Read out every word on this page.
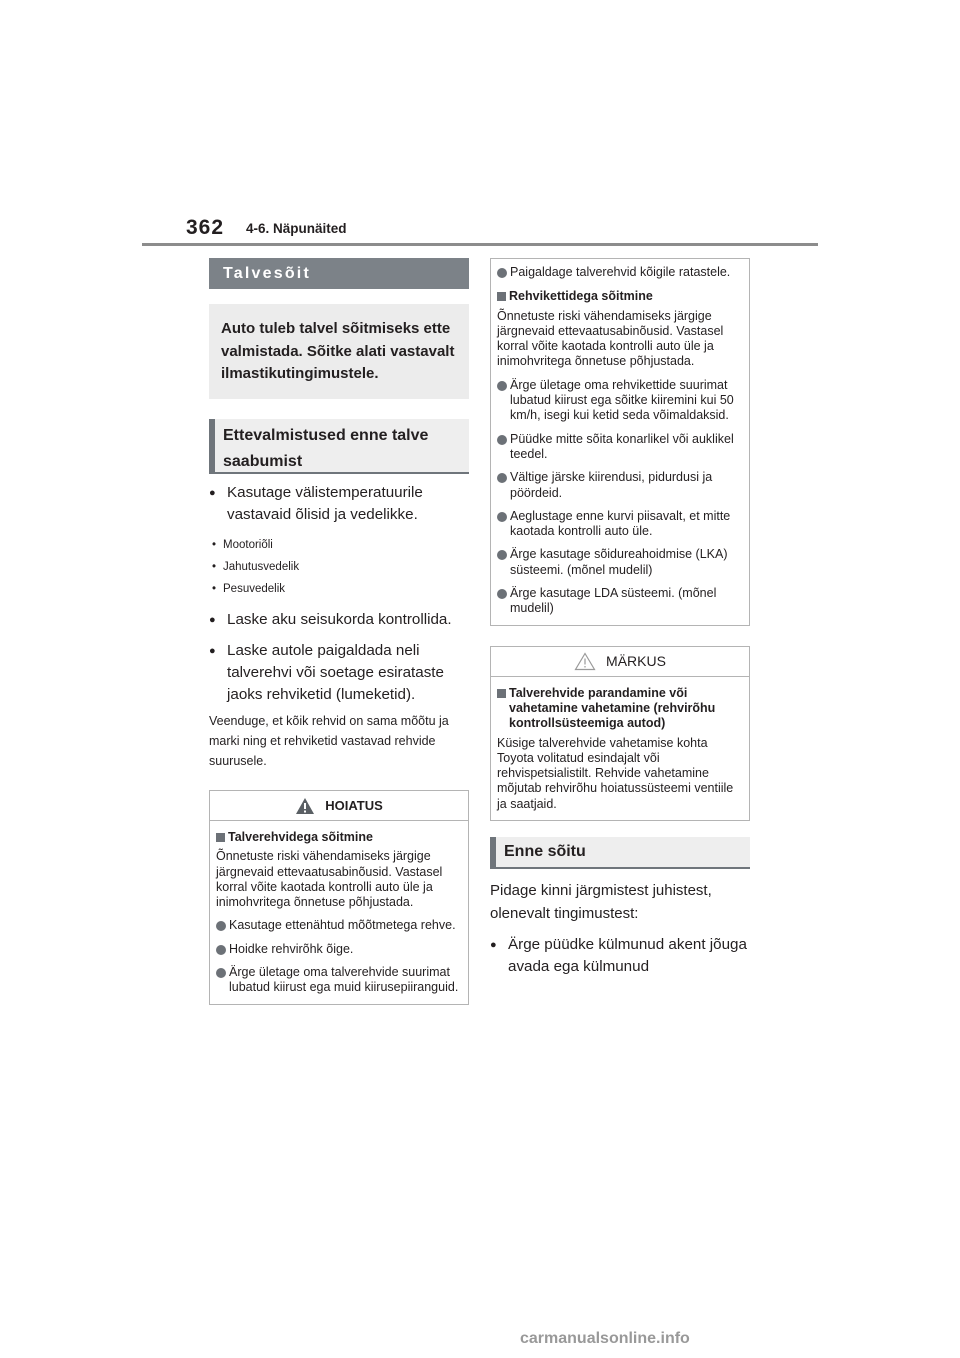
362 4-6. Näpunäited
Talvesõit
Auto tuleb talvel sõitmiseks ette valmistada. Sõitke alati vastavalt ilmastikutingimustele.
Ettevalmistused enne talve saabumist
● Kasutage välistemperatuurile vastavaid õlisid ja vedelikke.
• Mootoriõli
• Jahutusvedelik
• Pesuvedelik
● Laske aku seisukorda kontrollida.
● Laske autole paigaldada neli talverehvi või soetage esirataste jaoks rehviketid (lumeketid).
Veenduge, et kõik rehvid on sama mõõtu ja marki ning et rehviketid vastavad rehvide suurusele.
HOIATUS
Talverehvidega sõitmine
Õnnetuste riski vähendamiseks järgige järgnevaid ettevaatusabinõusid. Vastasel korral võite kaotada kontrolli auto üle ja inimohvritega õnnetuse põhjustada.
Kasutage ettenähtud mõõtmetega rehve.
Hoidke rehvirõhk õige.
Ärge ületage oma talverehvide suurimat lubatud kiirust ega muid kiirusepiiranguid.
Paigaldage talverehvid kõigile ratastele.
Rehvikettidega sõitmine
Õnnetuste riski vähendamiseks järgige järgnevaid ettevaatusabinõusid. Vastasel korral võite kaotada kontrolli auto üle ja inimohvritega õnnetuse põhjustada.
Ärge ületage oma rehvikettide suurimat lubatud kiirust ega sõitke kiiremini kui 50 km/h, isegi kui ketid seda võimaldaksid.
Püüdke mitte sõita konarlikel või auklikel teedel.
Vältige järske kiirendusi, pidurdusi ja pöördeid.
Aeglustage enne kurvi piisavalt, et mitte kaotada kontrolli auto üle.
Ärge kasutage sõidureahoidmise (LKA) süsteemi. (mõnel mudelil)
Ärge kasutage LDA süsteemi. (mõnel mudelil)
MÄRKUS
Talverehvide parandamine või vahetamine vahetamine (rehvirõhu kontrollsüsteemiga autod)
Küsige talverehvide vahetamise kohta Toyota volitatud esindajalt või rehvispetsialistilt. Rehvide vahetamine mõjutab rehvirõhu hoiatussüsteemi ventiile ja saatjaid.
Enne sõitu
Pidage kinni järgmistest juhistest, olenevalt tingimustest:
● Ärge püüdke külmunud akent jõuga avada ega külmunud
carmanualsonline.info
